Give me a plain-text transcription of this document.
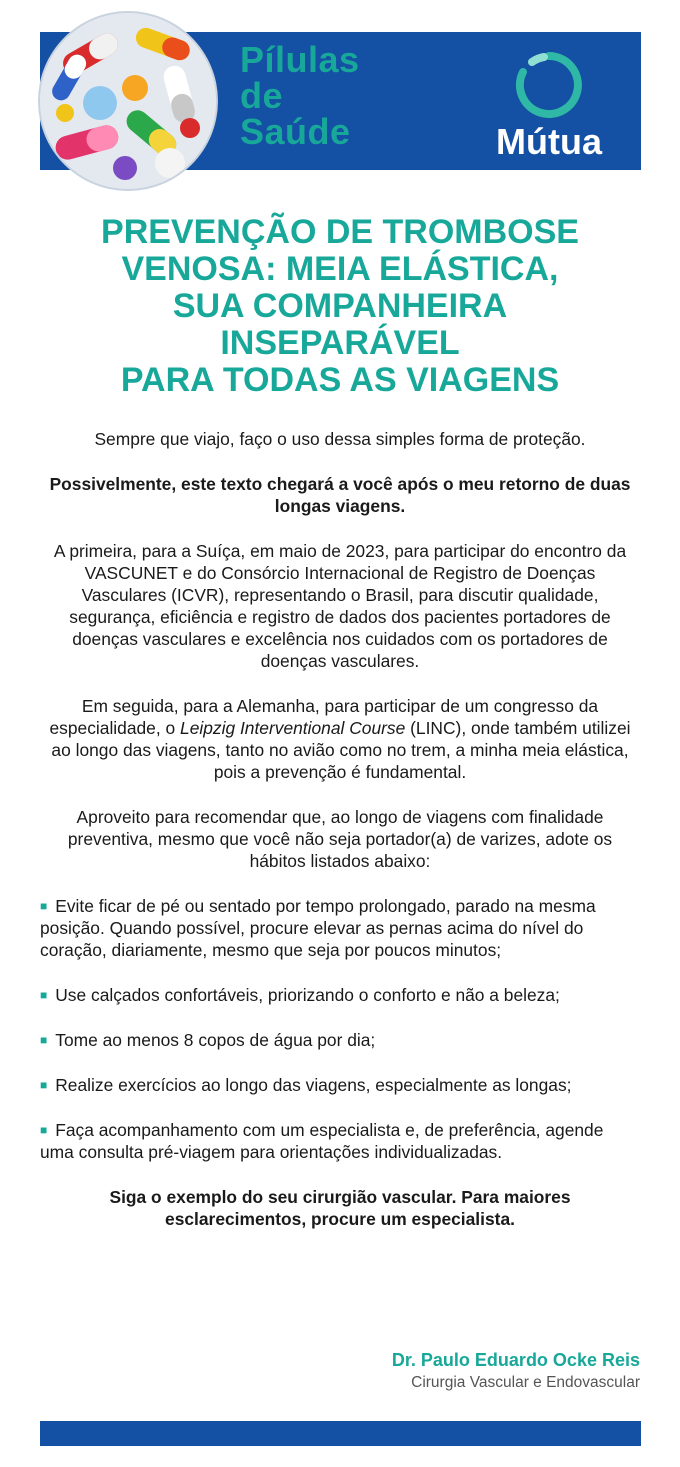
Pílulas
de
Saúde	Mútua
PREVENÇÃO DE TROMBOSE
VENOSA: MEIA ELÁSTICA,
SUA COMPANHEIRA
INSEPARÁVEL
PARA TODAS AS VIAGENS

Sempre que viajo, faço o uso dessa simples forma de proteção.

Possivelmente, este texto chegará a você após o meu retorno de duas longas viagens.

A primeira, para a Suíça, em maio de 2023, para participar do encontro da VASCUNET e do Consórcio Internacional de Registro de Doenças Vasculares (ICVR), representando o Brasil, para discutir qualidade, segurança, eficiência e registro de dados dos pacientes portadores de doenças vasculares e excelência nos cuidados com os portadores de doenças vasculares.

Em seguida, para a Alemanha, para participar de um congresso da especialidade, o Leipzig Interventional Course (LINC), onde também utilizei ao longo das viagens, tanto no avião como no trem, a minha meia elástica, pois a prevenção é fundamental.

Aproveito para recomendar que, ao longo de viagens com finalidade preventiva, mesmo que você não seja portador(a) de varizes, adote os hábitos listados abaixo:

■ Evite ficar de pé ou sentado por tempo prolongado, parado na mesma posição. Quando possível, procure elevar as pernas acima do nível do coração, diariamente, mesmo que seja por poucos minutos;

■ Use calçados confortáveis, priorizando o conforto e não a beleza;

■ Tome ao menos 8 copos de água por dia;

■ Realize exercícios ao longo das viagens, especialmente as longas;

■ Faça acompanhamento com um especialista e, de preferência, agende uma consulta pré-viagem para orientações individualizadas.

Siga o exemplo do seu cirurgião vascular. Para maiores esclarecimentos, procure um especialista.

Dr. Paulo Eduardo Ocke Reis
Cirurgia Vascular e Endovascular
